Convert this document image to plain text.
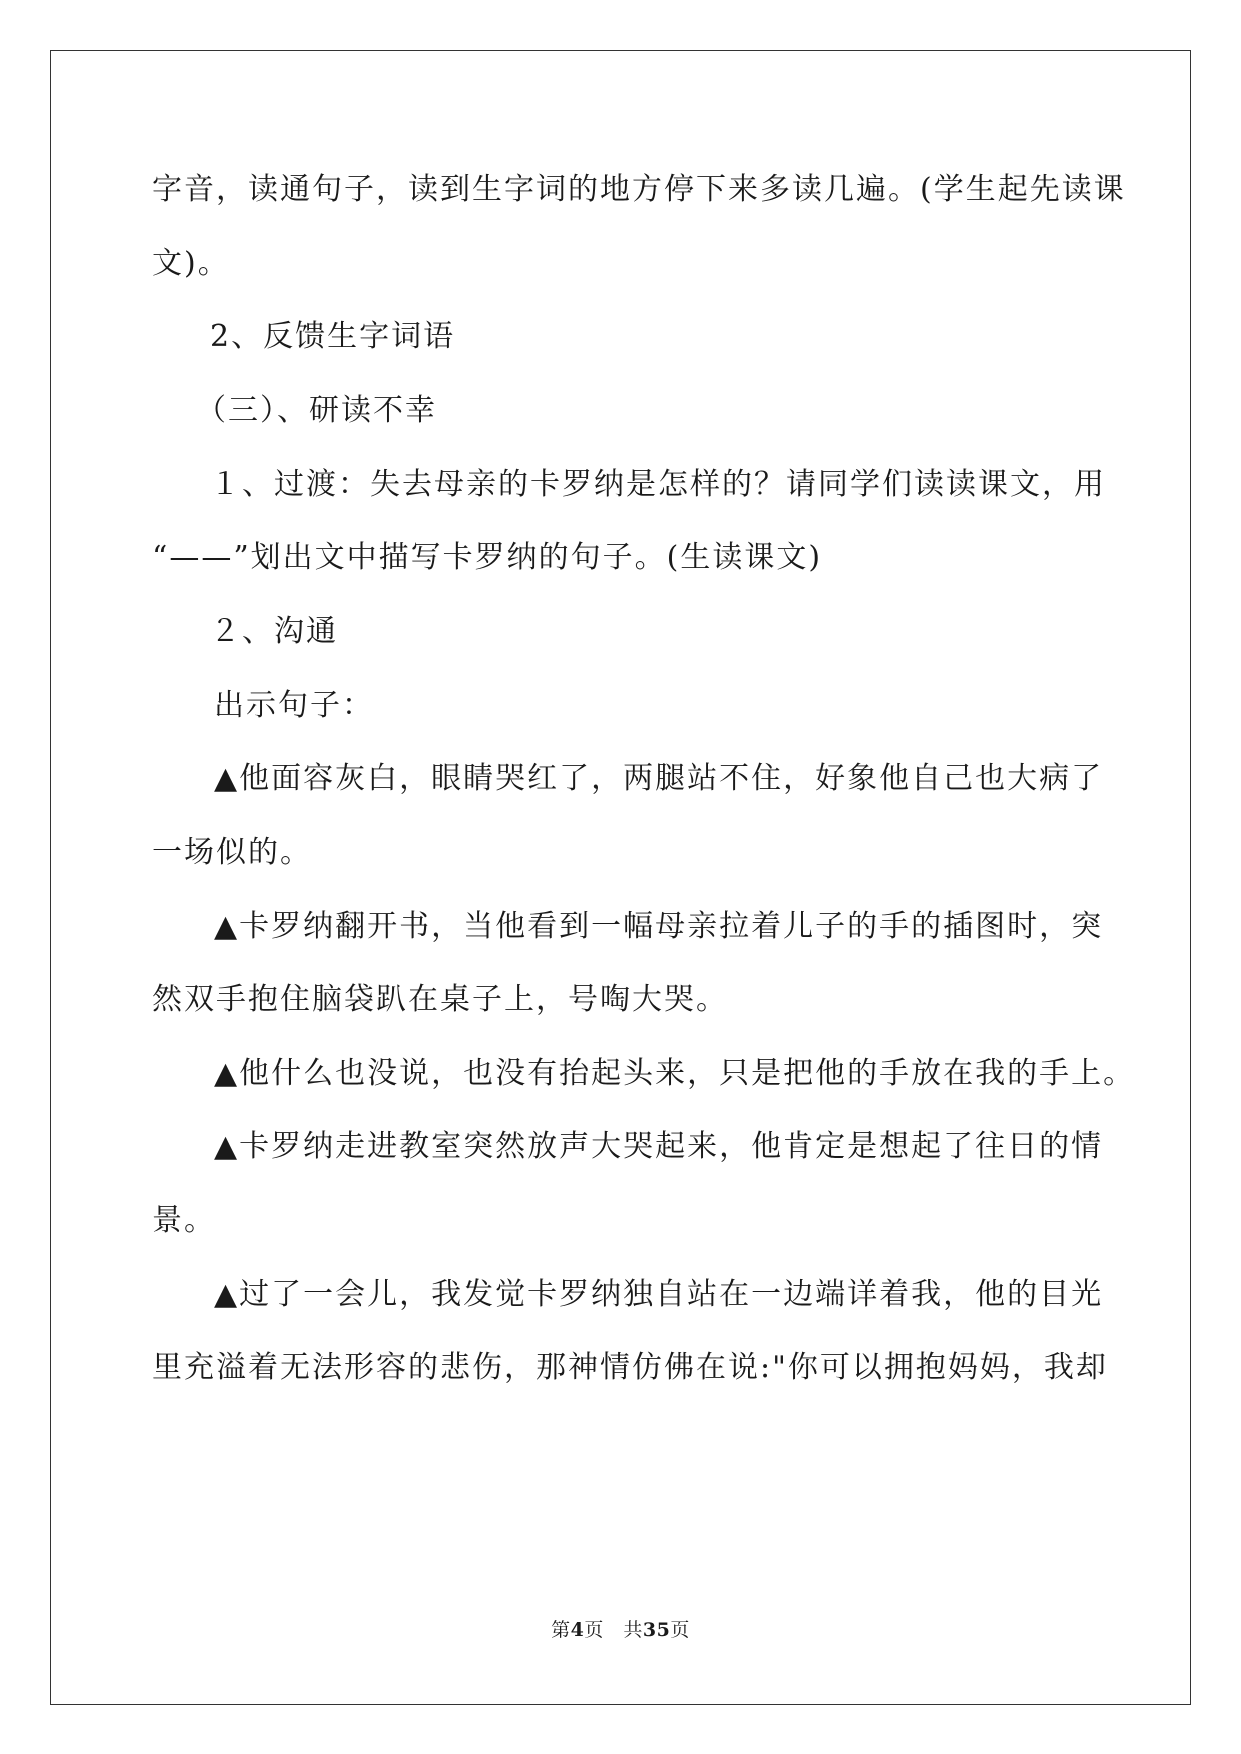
字音，读通句子，读到生字词的地方停下来多读几遍。(学生起先读课
文)。
2、反馈生字词语
（三）、研读不幸
１、过渡：失去母亲的卡罗纳是怎样的？请同学们读读课文，用
“——”划出文中描写卡罗纳的句子。(生读课文)
２、沟通
出示句子：
▲他面容灰白，眼睛哭红了，两腿站不住，好象他自己也大病了
一场似的。
▲卡罗纳翻开书，当他看到一幅母亲拉着儿子的手的插图时，突
然双手抱住脑袋趴在桌子上，号啕大哭。
▲他什么也没说，也没有抬起头来，只是把他的手放在我的手上。
▲卡罗纳走进教室突然放声大哭起来，他肯定是想起了往日的情
景。
▲过了一会儿，我发觉卡罗纳独自站在一边端详着我，他的目光
里充溢着无法形容的悲伤，那神情仿佛在说:"你可以拥抱妈妈，我却
第4页　共35页
